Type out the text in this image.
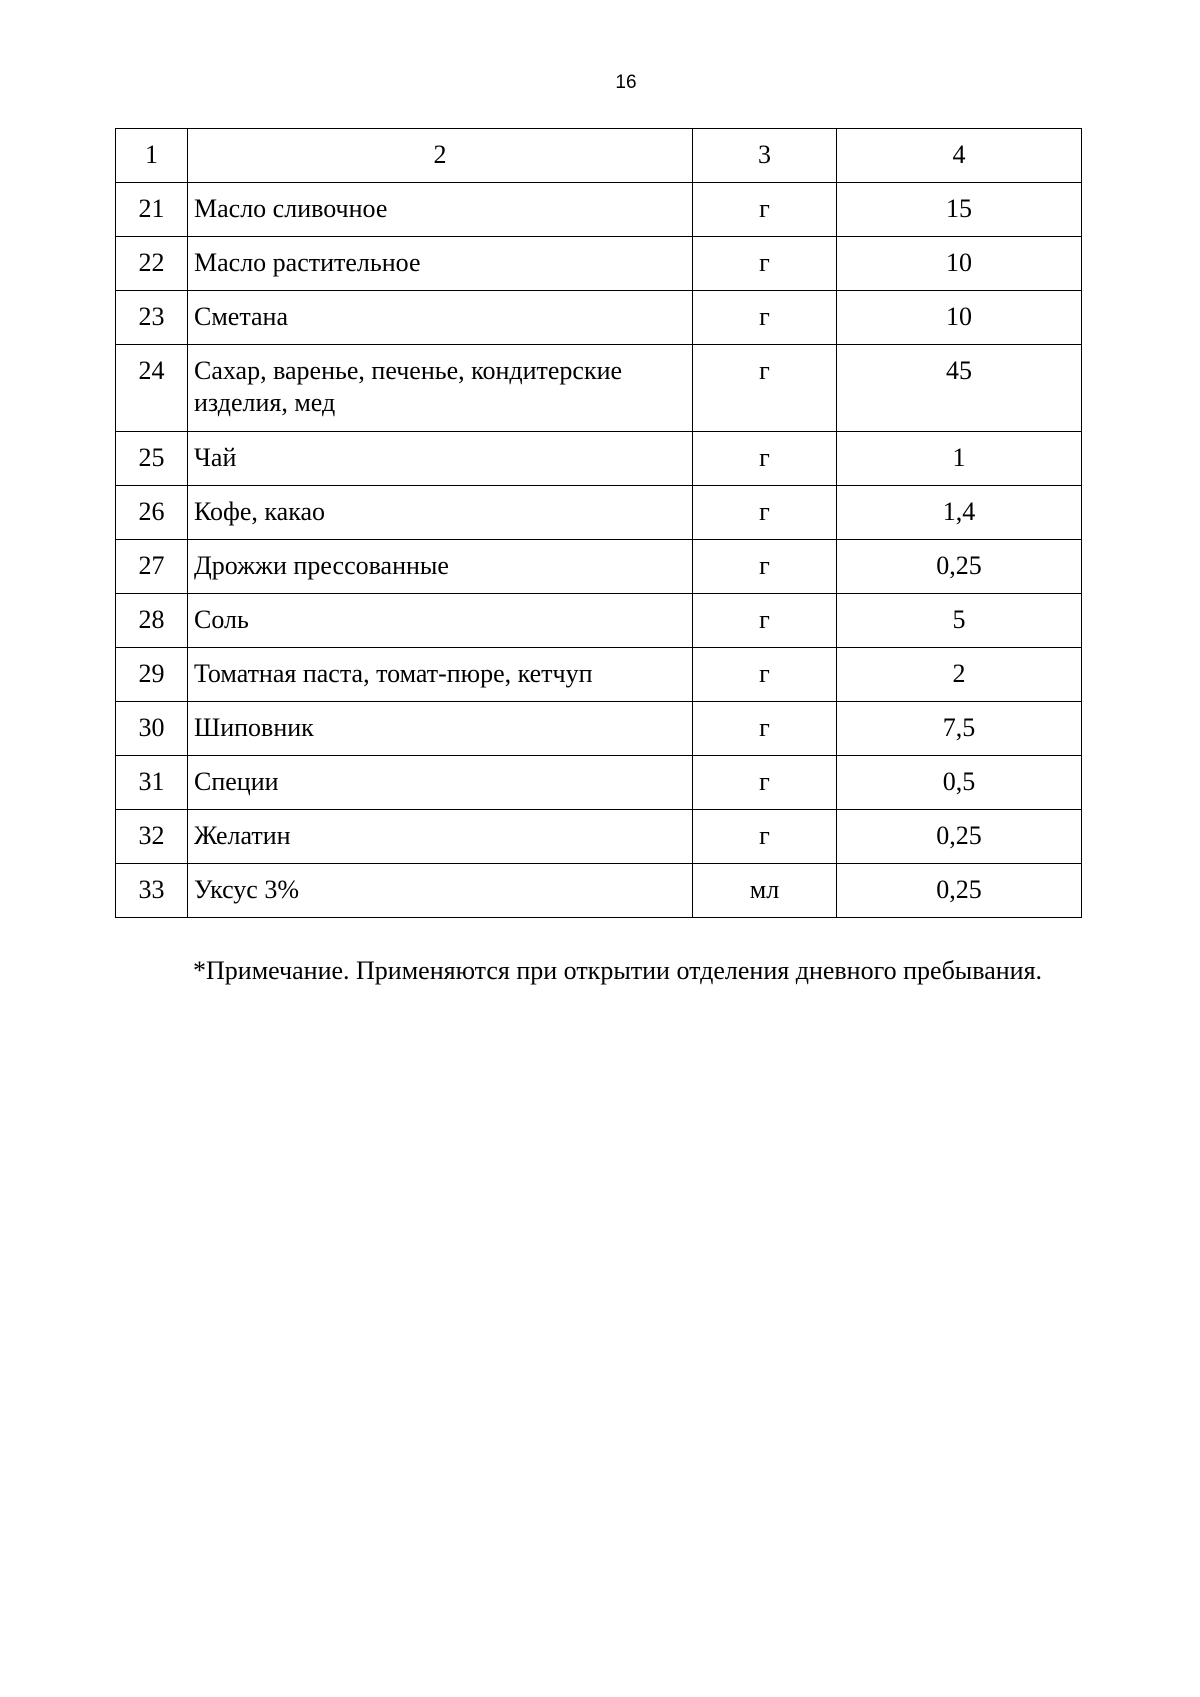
16
1	2	3	4

21	Масло сливочное	г	15

22	Масло растительное	г	10

23	Сметана	г	10

24	Сахар, варенье, печенье, кондитерские изделия, мед	г	45

25	Чай	г	1

26	Кофе, какао	г	1,4

27	Дрожжи прессованные	г	0,25

28	Соль	г	5

29	Томатная паста, томат-пюре, кетчуп	г	2

30	Шиповник	г	7,5

31	Специи	г	0,5

32	Желатин	г	0,25

33	Уксус 3%	мл	0,25
*Примечание. Применяются при открытии отделения дневного пребывания.
